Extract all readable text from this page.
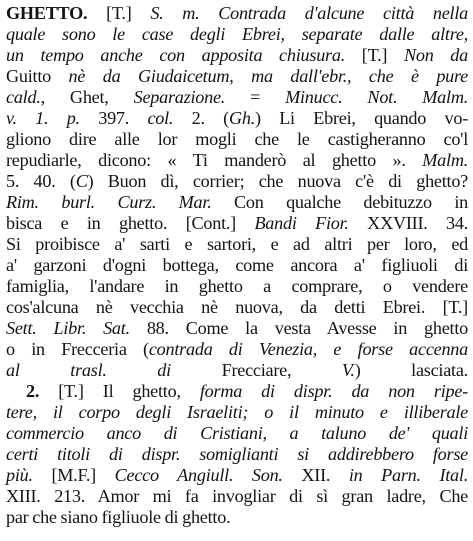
GHETTO. [T.] S. m. Contrada d'alcune città nella
quale sono le case degli Ebrei, separate dalle altre,
un tempo anche con apposita chiusura. [T.] Non da
Guitto nè da Giudaicetum, ma dall'ebr., che è pure
cald., Ghet, Separazione. = Minucc. Not. Malm.
v. 1. p. 397. col. 2. (Gh.) Li Ebrei, quando vo-
gliono dire alle lor mogli che le castigheranno co'l
repudiarle, dicono: « Ti manderò al ghetto ». Malm.
5. 40. (C) Buon dì, corrier; che nuova c'è di ghetto?
Rim. burl. Curz. Mar. Con qualche debituzzo in
bisca e in ghetto. [Cont.] Bandi Fior. XXVIII. 34.
Si proibisce a' sarti e sartori, e ad altri per loro, ed
a' garzoni d'ogni bottega, come ancora a' figliuoli di
famiglia, l'andare in ghetto a comprare, o vendere
cos'alcuna nè vecchia nè nuova, da detti Ebrei. [T.]
Sett. Libr. Sat. 88. Come la vesta Avesse in ghetto
o in Frecceria (contrada di Venezia, e forse accenna
al trasl. di Frecciare, V.) lasciata.
2. [T.] Il ghetto, forma di dispr. da non ripe-
tere, il corpo degli Israeliti; o il minuto e illiberale
commercio anco di Cristiani, a taluno de' quali
certi titoli di dispr. somiglianti si addirebbero forse
più. [M.F.] Cecco Angiull. Son. XII. in Parn. Ital.
XIII. 213. Amor mi fa invogliar di sì gran ladre, Che
par che siano figliuole di ghetto.
